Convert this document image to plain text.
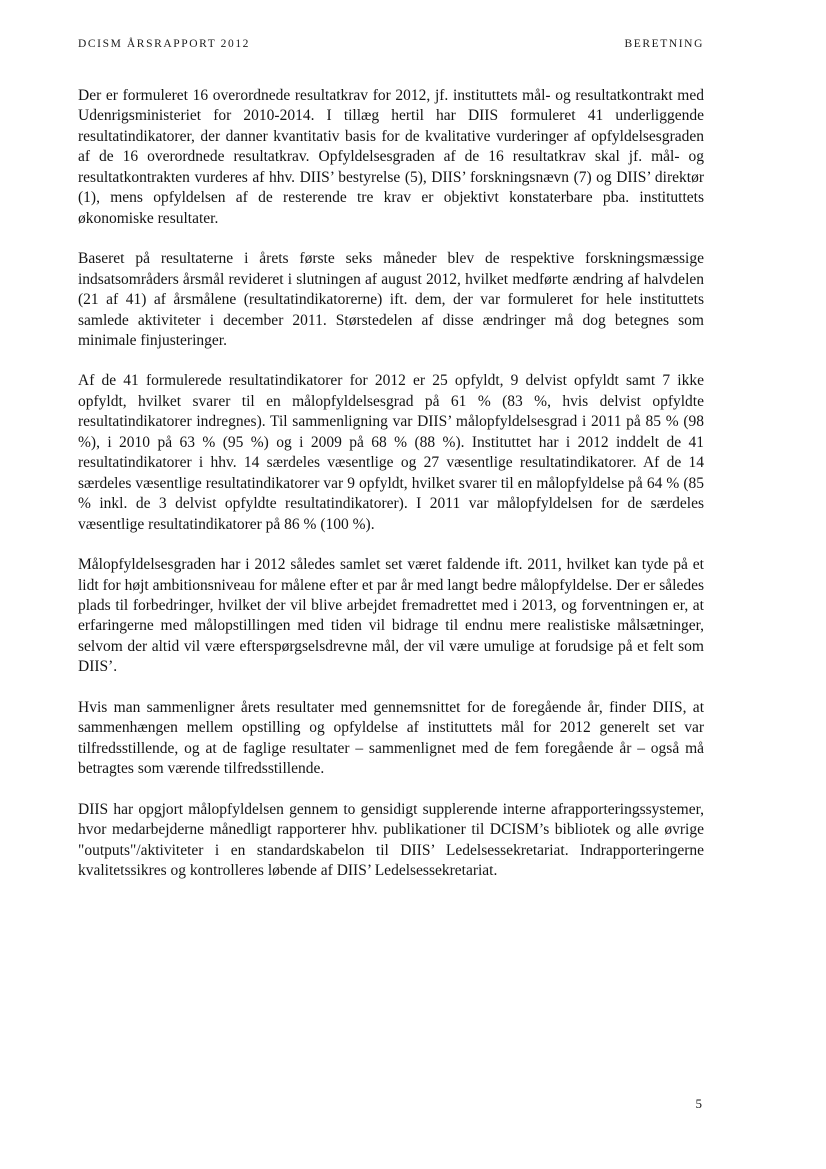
DCISM ÅRSRAPPORT 2012	BERETNING

Der er formuleret 16 overordnede resultatkrav for 2012, jf. instituttets mål- og resultatkontrakt med Udenrigsministeriet for 2010-2014. I tillæg hertil har DIIS formuleret 41 underliggende resultatindikatorer, der danner kvantitativ basis for de kvalitative vurderinger af opfyldelsesgraden af de 16 overordnede resultatkrav. Opfyldelsesgraden af de 16 resultatkrav skal jf. mål- og resultatkontrakten vurderes af hhv. DIIS’ bestyrelse (5), DIIS’ forskningsnævn (7) og DIIS’ direktør (1), mens opfyldelsen af de resterende tre krav er objektivt konstaterbare pba. instituttets økonomiske resultater.

Baseret på resultaterne i årets første seks måneder blev de respektive forskningsmæssige indsatsområders årsmål revideret i slutningen af august 2012, hvilket medførte ændring af halvdelen (21 af 41) af årsmålene (resultatindikatorerne) ift. dem, der var formuleret for hele instituttets samlede aktiviteter i december 2011. Størstedelen af disse ændringer må dog betegnes som minimale finjusteringer.

Af de 41 formulerede resultatindikatorer for 2012 er 25 opfyldt, 9 delvist opfyldt samt 7 ikke opfyldt, hvilket svarer til en målopfyldelsesgrad på 61 % (83 %, hvis delvist opfyldte resultatindikatorer indregnes). Til sammenligning var DIIS’ målopfyldelsesgrad i 2011 på 85 % (98 %), i 2010 på 63 % (95 %) og i 2009 på 68 % (88 %). Instituttet har i 2012 inddelt de 41 resultatindikatorer i hhv. 14 særdeles væsentlige og 27 væsentlige resultatindikatorer. Af de 14 særdeles væsentlige resultatindikatorer var 9 opfyldt, hvilket svarer til en målopfyldelse på 64 % (85 % inkl. de 3 delvist opfyldte resultatindikatorer). I 2011 var målopfyldelsen for de særdeles væsentlige resultatindikatorer på 86 % (100 %).

Målopfyldelsesgraden har i 2012 således samlet set været faldende ift. 2011, hvilket kan tyde på et lidt for højt ambitionsniveau for målene efter et par år med langt bedre målopfyldelse. Der er således plads til forbedringer, hvilket der vil blive arbejdet fremadrettet med i 2013, og forventningen er, at erfaringerne med målopstillingen med tiden vil bidrage til endnu mere realistiske målsætninger, selvom der altid vil være efterspørgselsdrevne mål, der vil være umulige at forudsige på et felt som DIIS’.

Hvis man sammenligner årets resultater med gennemsnittet for de foregående år, finder DIIS, at sammenhængen mellem opstilling og opfyldelse af instituttets mål for 2012 generelt set var tilfredsstillende, og at de faglige resultater – sammenlignet med de fem foregående år – også må betragtes som værende tilfredsstillende.

DIIS har opgjort målopfyldelsen gennem to gensidigt supplerende interne afrapporteringssystemer, hvor medarbejderne månedligt rapporterer hhv. publikationer til DCISM’s bibliotek og alle øvrige "outputs"/aktiviteter i en standardskabelon til DIIS’ Ledelsessekretariat. Indrapporteringerne kvalitetssikres og kontrolleres løbende af DIIS’ Ledelsessekretariat.

5
